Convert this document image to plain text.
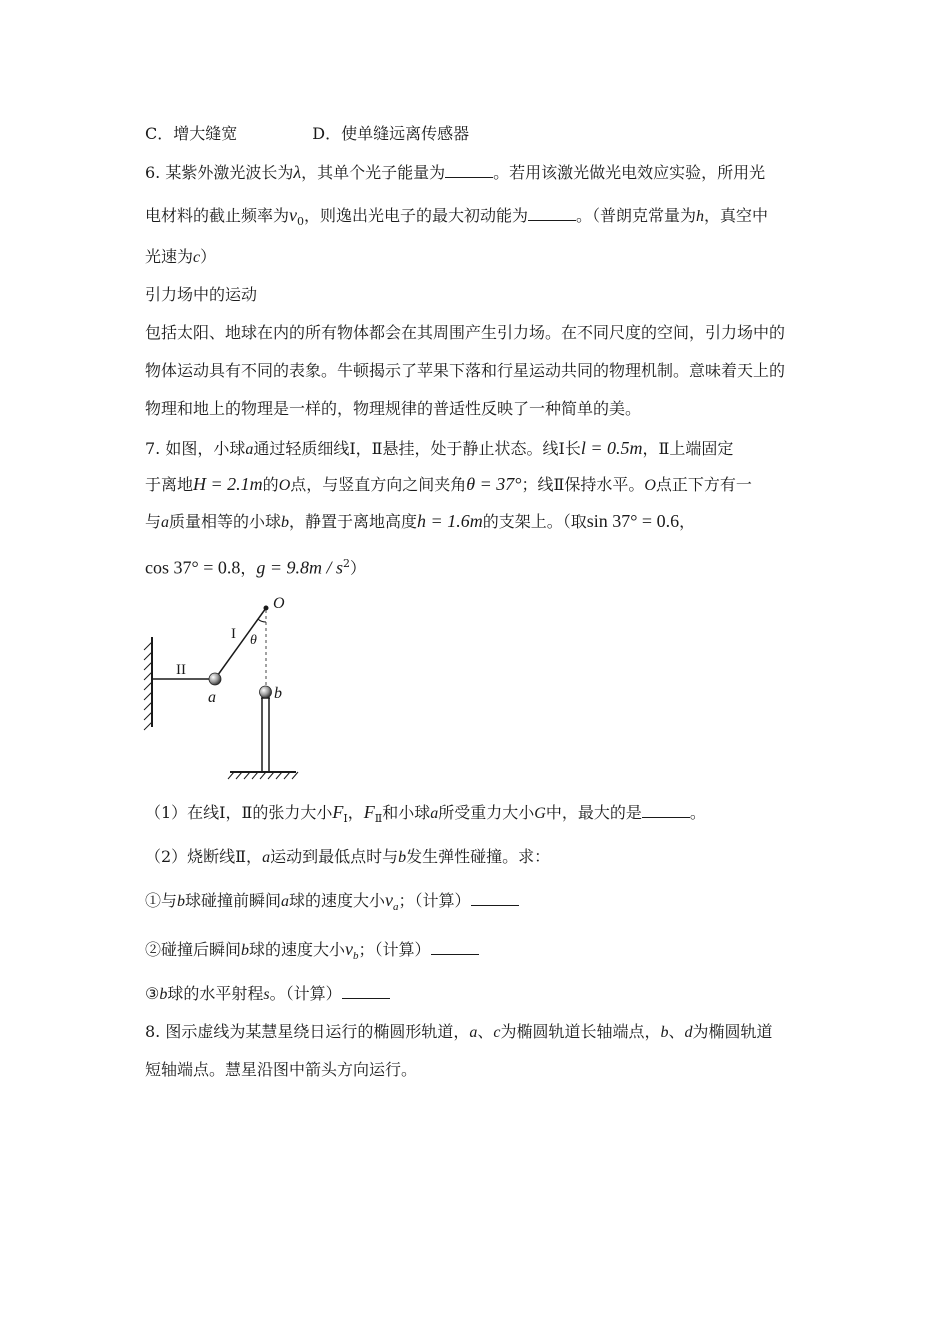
C．增大缝宽	D．使单缝远离传感器
6. 某紫外激光波长为λ，其单个光子能量为	。若用该激光做光电效应实验，所用光
电材料的截止频率为$\nu_0$，则逸出光电子的最大初动能为	。（普朗克常量为h，真空中
光速为c）
引力场中的运动
包括太阳、地球在内的所有物体都会在其周围产生引力场。在不同尺度的空间，引力场中的
物体运动具有不同的表象。牛顿揭示了苹果下落和行星运动共同的物理机制。意味着天上的
物理和地上的物理是一样的，物理规律的普适性反映了一种简单的美。
7. 如图，小球a通过轻质细线Ⅰ，Ⅱ悬挂，处于静止状态。线Ⅰ长l = 0.5m，Ⅱ上端固定
于离地H = 2.1m的O点，与竖直方向之间夹角θ = 37°；线Ⅱ保持水平。O点正下方有一
与a质量相等的小球b，静置于离地高度h = 1.6m的支架上。（取sin 37° = 0.6，
cos 37° = 0.8，$g = 9.8m / s^2$）
O
I θ
II
a	b
（1）在线Ⅰ，Ⅱ的张力大小$F_Ⅰ$，$F_Ⅱ$和小球a所受重力大小G中，最大的是	。
（2）烧断线Ⅱ，a运动到最低点时与b发生弹性碰撞。求：
①与b球碰撞前瞬间a球的速度大小$v_a$；（计算）
②碰撞后瞬间b球的速度大小$v_b$；（计算）
③b球的水平射程s。（计算）
8. 图示虚线为某慧星绕日运行的椭圆形轨道，a、c为椭圆轨道长轴端点，b、d为椭圆轨道
短轴端点。慧星沿图中箭头方向运行。
